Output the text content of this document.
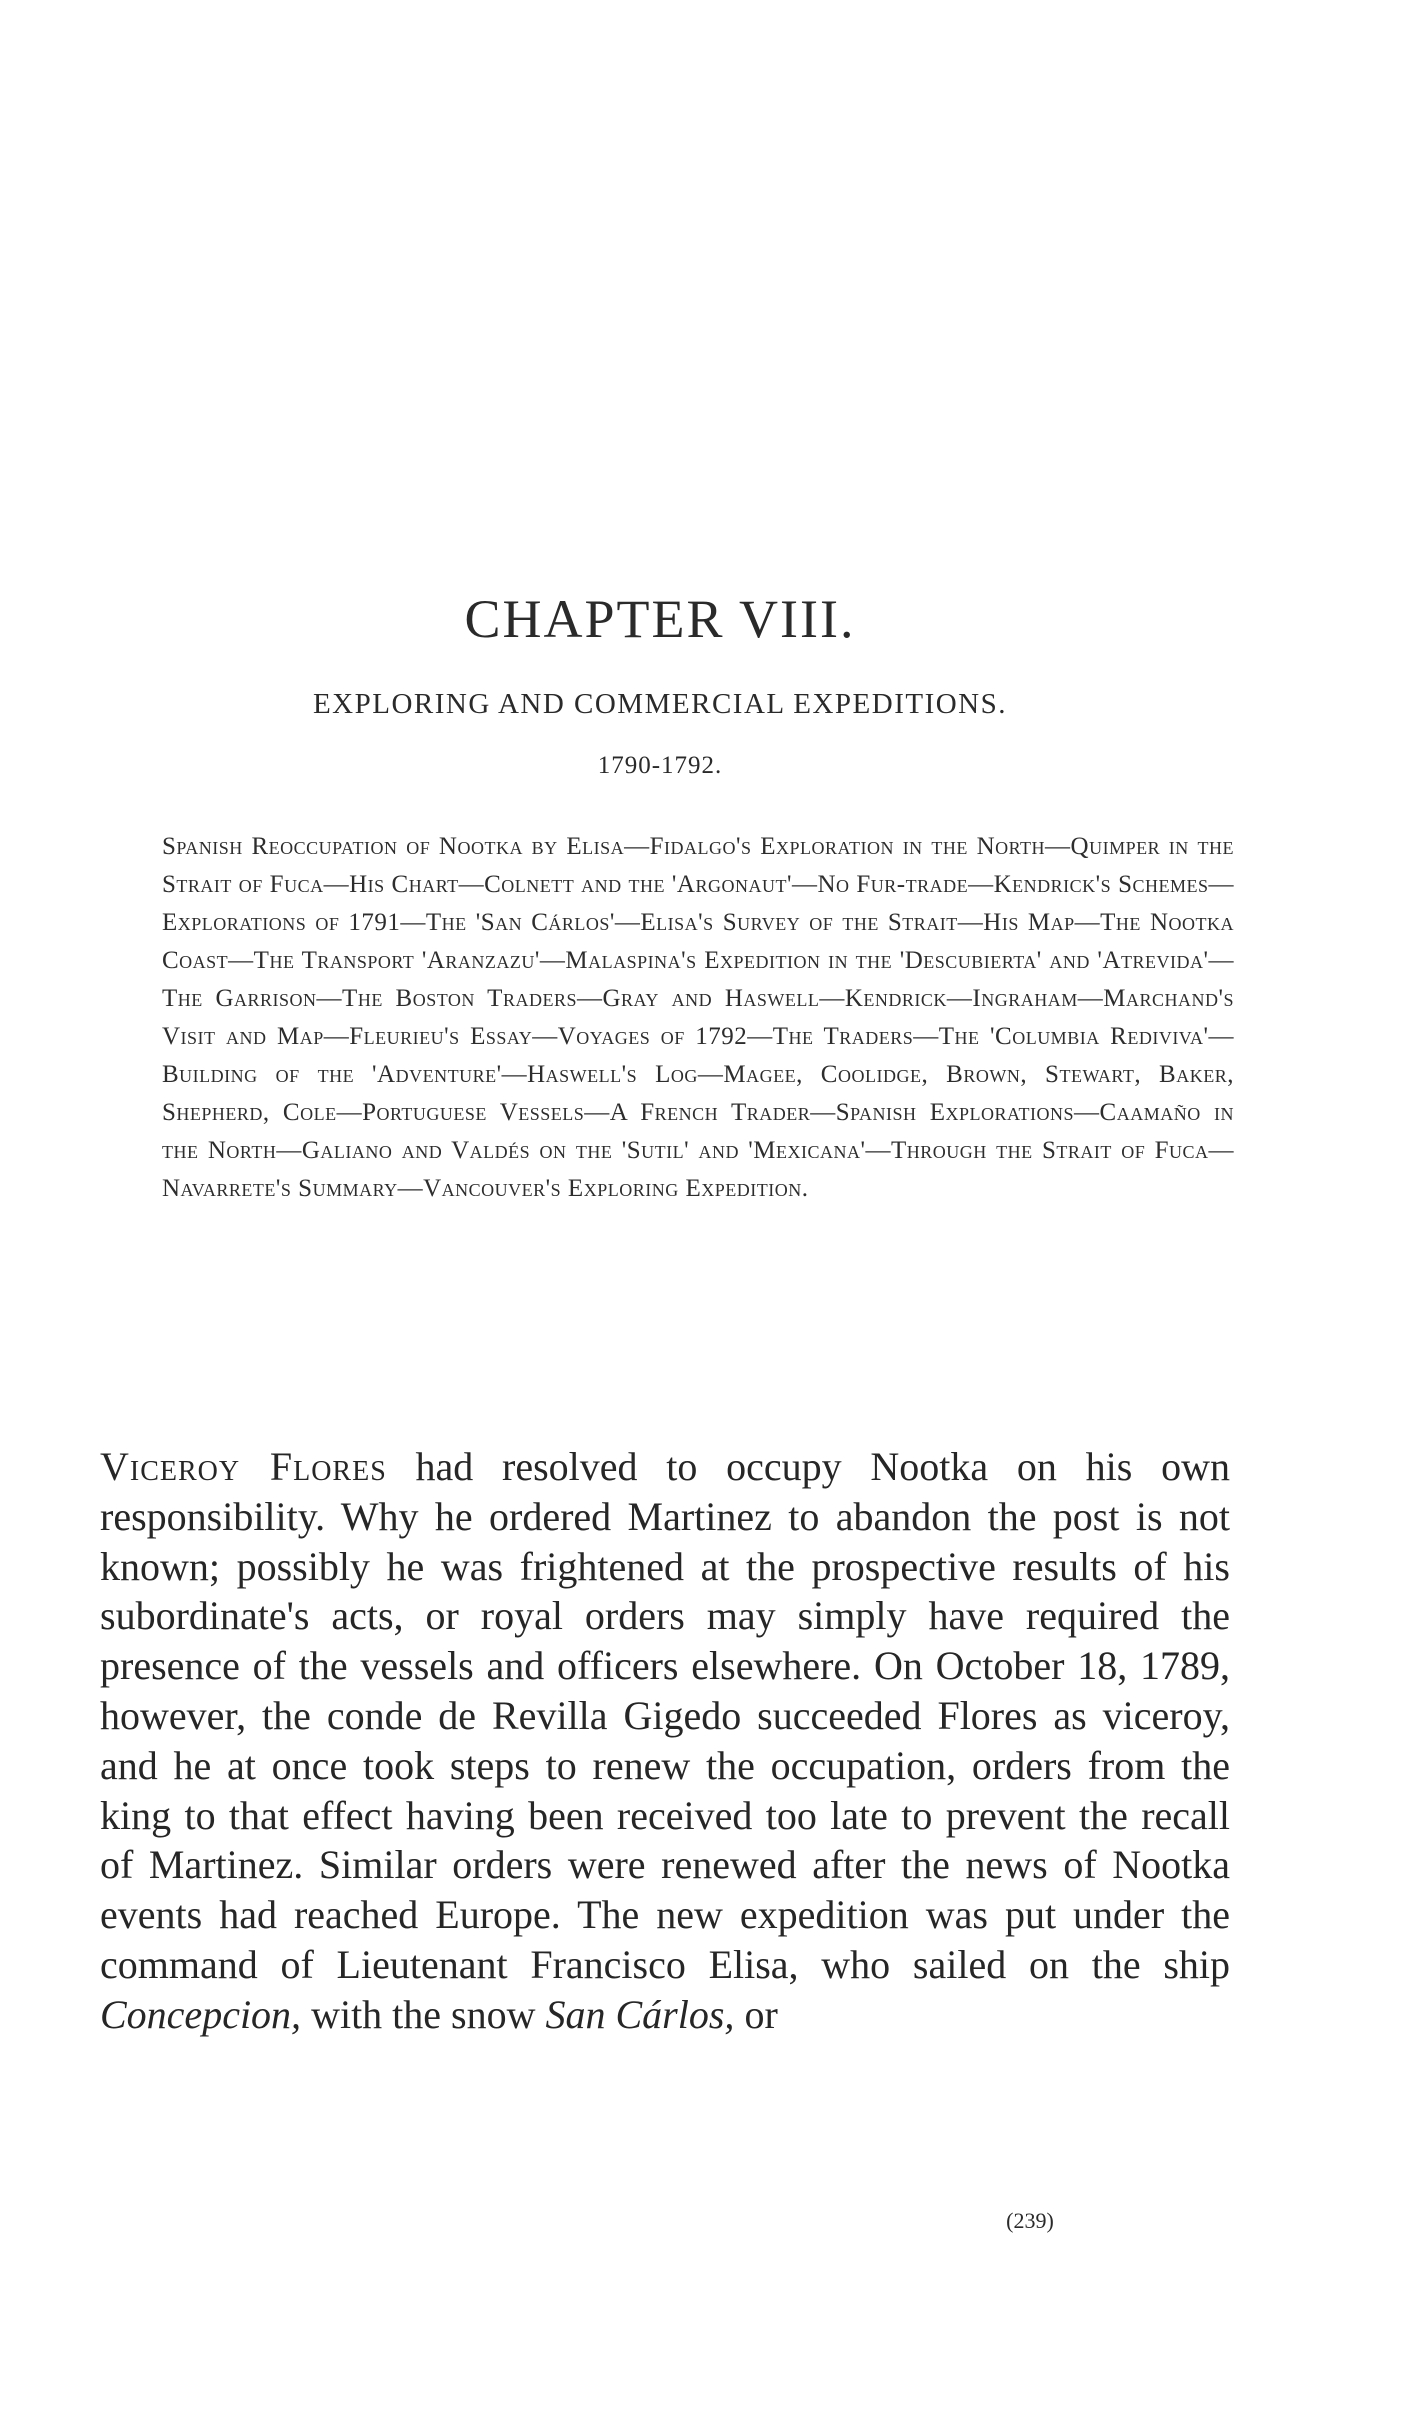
CHAPTER VIII.
EXPLORING AND COMMERCIAL EXPEDITIONS.
1790-1792.

Spanish Reoccupation of Nootka by Elisa—Fidalgo's Exploration in the North—Quimper in the Strait of Fuca—His Chart—Colnett and the 'Argonaut'—No Fur-trade—Kendrick's Schemes—Explorations of 1791—The 'San Cárlos'—Elisa's Survey of the Strait—His Map—The Nootka Coast—The Transport 'Aranzazu'—Malaspina's Expedition in the 'Descubierta' and 'Atrevida'—The Garrison—The Boston Traders—Gray and Haswell—Kendrick—Ingraham—Marchand's Visit and Map—Fleurieu's Essay—Voyages of 1792—The Traders—The 'Columbia Rediviva'—Building of the 'Adventure'—Haswell's Log—Magee, Coolidge, Brown, Stewart, Baker, Shepherd, Cole—Portuguese Vessels—A French Trader—Spanish Explorations—Caamaño in the North—Galiano and Valdés on the 'Sutil' and 'Mexicana'—Through the Strait of Fuca—Navarrete's Summary—Vancouver's Exploring Expedition.

Viceroy Flores had resolved to occupy Nootka on his own responsibility. Why he ordered Martinez to abandon the post is not known; possibly he was frightened at the prospective results of his subordinate's acts, or royal orders may simply have required the presence of the vessels and officers elsewhere. On October 18, 1789, however, the conde de Revilla Gigedo succeeded Flores as viceroy, and he at once took steps to renew the occupation, orders from the king to that effect having been received too late to prevent the recall of Martinez. Similar orders were renewed after the news of Nootka events had reached Europe. The new expedition was put under the command of Lieutenant Francisco Elisa, who sailed on the ship Concepcion, with the snow San Cárlos, or

(239)
